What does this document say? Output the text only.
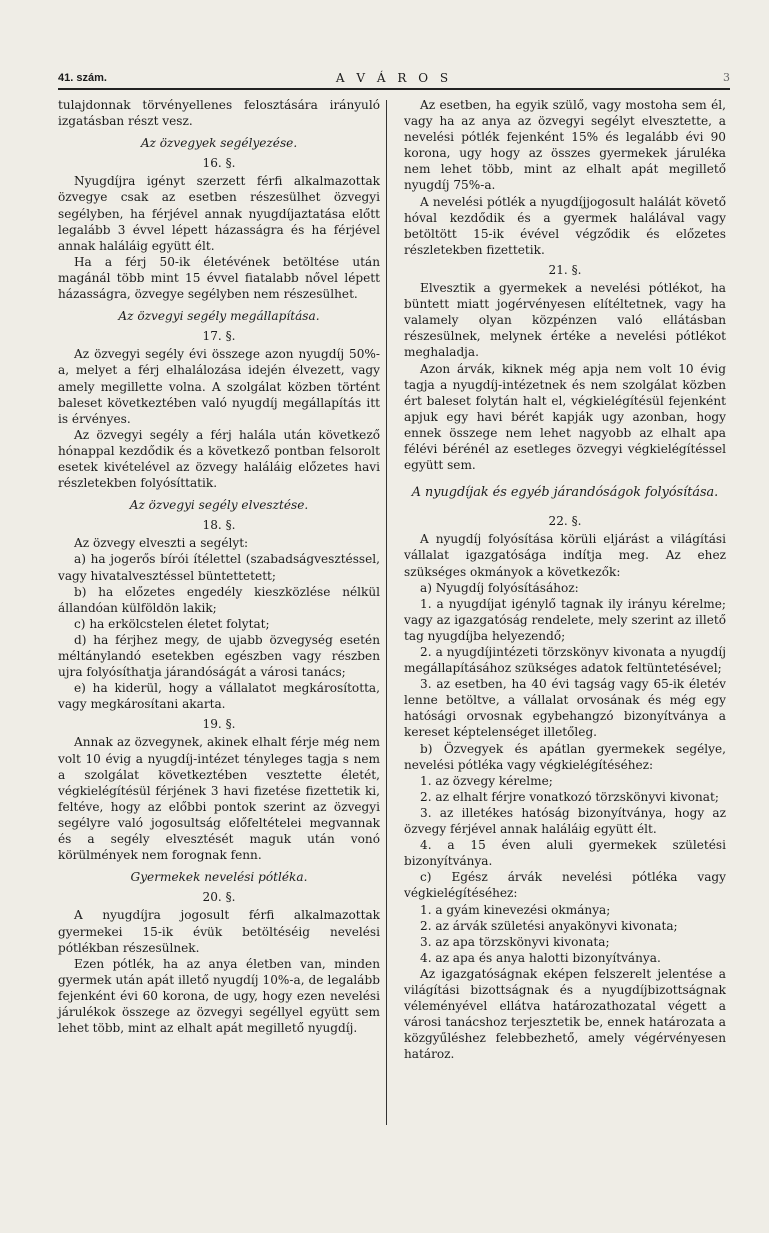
41. szám.	A V Á R O S	3

tulajdonnak törvényellenes felosztására irányuló izgatásban részt vesz.

Az özvegyek segélyezése.

16. §.

Nyugdíjra igényt szerzett férfi alkalmazottak özvegye csak az esetben részesülhet özvegyi segélyben, ha férjével annak nyugdíjaztatása előtt legalább 3 évvel lépett házasságra és ha férjével annak haláláig együtt élt.

Ha a férj 50-ik életévének betöltése után magánál több mint 15 évvel fiatalabb nővel lépett házasságra, özvegye segélyben nem részesülhet.

Az özvegyi segély megállapítása.

17. §.

Az özvegyi segély évi összege azon nyugdíj 50%-a, melyet a férj elhalálozása idején élvezett, vagy amely megillette volna. A szolgálat közben történt baleset következtében való nyugdíj megállapítás itt is érvényes.

Az özvegyi segély a férj halála után következő hónappal kezdődik és a következő pontban felsorolt esetek kivételével az özvegy haláláig előzetes havi részletekben folyósíttatik.

Az özvegyi segély elvesztése.

18. §.

Az özvegy elveszti a segélyt:

a) ha jogerős bírói ítélettel (szabadságvesztéssel, vagy hivatalvesztéssel büntettetett;

b) ha előzetes engedély kieszközlése nélkül állandóan külföldön lakik;

c) ha erkölcstelen életet folytat;

d) ha férjhez megy, de ujabb özvegység esetén méltánylandó esetekben egészben vagy részben ujra folyósíthatja járandóságát a városi tanács;

e) ha kiderül, hogy a vállalatot megkárosította, vagy megkárosítani akarta.

19. §.

Annak az özvegynek, akinek elhalt férje még nem volt 10 évig a nyugdíj-intézet tényleges tagja s nem a szolgálat következtében vesztette életét, végkielégítésül férjének 3 havi fizetése fizettetik ki, feltéve, hogy az előbbi pontok szerint az özvegyi segélyre való jogosultság előfeltételei megvannak és a segély elvesztését maguk után vonó körülmények nem forognak fenn.

Gyermekek nevelési pótléka.

20. §.

A nyugdíjra jogosult férfi alkalmazottak gyermekei 15-ik évük betöltéséig nevelési pótlékban részesülnek.

Ezen pótlék, ha az anya életben van, minden gyermek után apát illető nyugdíj 10%-a, de legalább fejenként évi 60 korona, de ugy, hogy ezen nevelési járulékok összege az özvegyi segéllyel együtt sem lehet több, mint az elhalt apát megillető nyugdíj.

Az esetben, ha egyik szülő, vagy mostoha sem él, vagy ha az anya az özvegyi segélyt elvesztette, a nevelési pótlék fejenként 15% és legalább évi 90 korona, ugy hogy az összes gyermekek járuléka nem lehet több, mint az elhalt apát megillető nyugdíj 75%-a.

A nevelési pótlék a nyugdíjjogosult halálát követő hóval kezdődik és a gyermek halálával vagy betöltött 15-ik évével végződik és előzetes részletekben fizettetik.

21. §.

Elvesztik a gyermekek a nevelési pótlékot, ha büntett miatt jogérvényesen elítéltetnek, vagy ha valamely olyan közpénzen való ellátásban részesülnek, melynek értéke a nevelési pótlékot meghaladja.

Azon árvák, kiknek még apja nem volt 10 évig tagja a nyugdíj-intézetnek és nem szolgálat közben ért baleset folytán halt el, végkielégítésül fejenként apjuk egy havi bérét kapják ugy azonban, hogy ennek összege nem lehet nagyobb az elhalt apa félévi bérénél az esetleges özvegyi végkielégítéssel együtt sem.

A nyugdíjak és egyéb járandóságok folyósítása.

22. §.

A nyugdíj folyósítása körüli eljárást a világítási vállalat igazgatósága indítja meg. Az ehez szükséges okmányok a következők:

a) Nyugdíj folyósításához:

1. a nyugdíjat igénylő tagnak ily irányu kérelme; vagy az igazgatóság rendelete, mely szerint az illető tag nyugdíjba helyezendő;

2. a nyugdíjintézeti törzskönyv kivonata a nyugdíj megállapításához szükséges adatok feltüntetésével;

3. az esetben, ha 40 évi tagság vagy 65-ik életév lenne betöltve, a vállalat orvosának és még egy hatósági orvosnak egybehangzó bizonyítványa a kereset képtelenséget illetőleg.

b) Özvegyek és apátlan gyermekek segélye, nevelési pótléka vagy végkielégítéséhez:

1. az özvegy kérelme;

2. az elhalt férjre vonatkozó törzskönyvi kivonat;

3. az illetékes hatóság bizonyítványa, hogy az özvegy férjével annak haláláig együtt élt.

4. a 15 éven aluli gyermekek születési bizonyítványa.

c) Egész árvák nevelési pótléka vagy végkielégítéséhez:

1. a gyám kinevezési okmánya;

2. az árvák születési anyakönyvi kivonata;

3. az apa törzskönyvi kivonata;

4. az apa és anya halotti bizonyítványa.

Az igazgatóságnak eképen felszerelt jelentése a világítási bizottságnak és a nyugdíjbizottságnak véleményével ellátva határozathozatal végett a városi tanácshoz terjesztetik be, ennek határozata a közgyűléshez felebbezhető, amely végérvényesen határoz.
